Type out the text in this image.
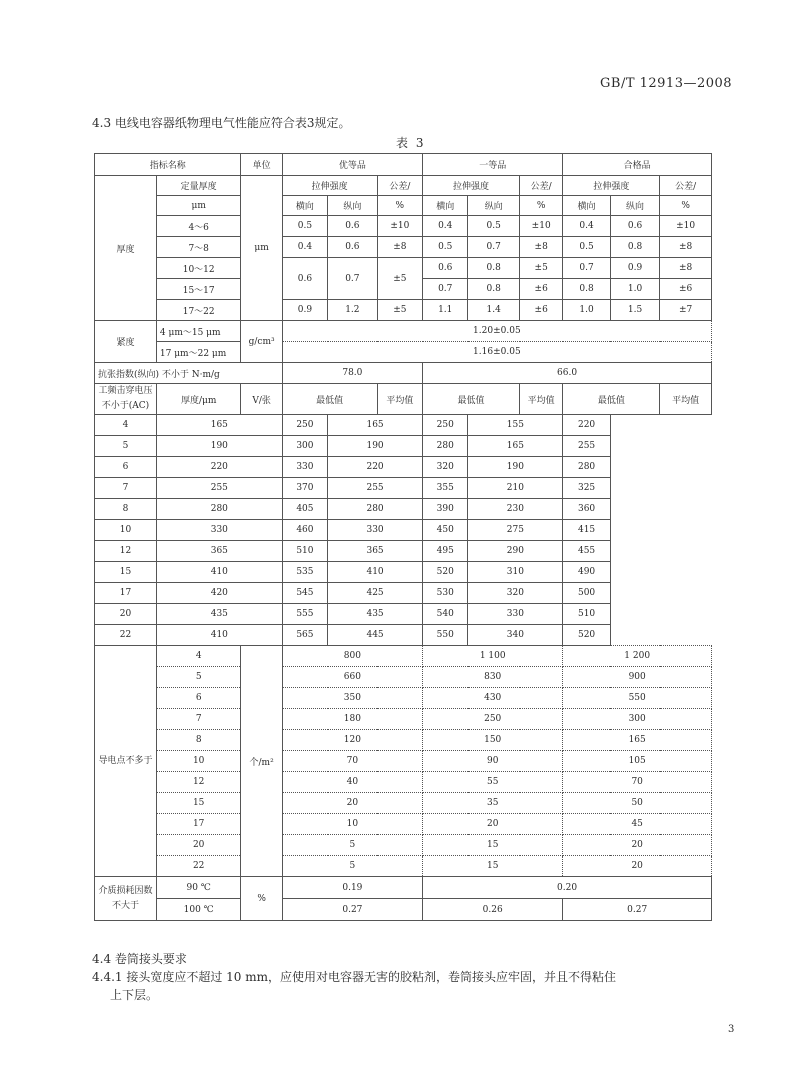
GB/T 12913—2008
4.3 电线电容器纸物理电气性能应符合表3规定。
表 3
指标名称		单位	优等品			一等品			合格品		
厚度	定量厚度	μm	拉伸强度		公差/	拉伸强度		公差/	拉伸强度		公差/
	μm		横向	纵向	%	横向	纵向	%	横向	纵向	%
	4～6		0.5	0.6	±10	0.4	0.5	±10	0.4	0.6	±10
	7～8		0.4	0.6	±8	0.5	0.7	±8	0.5	0.8	±8
	10～12		0.6	0.7	±5	0.6	0.8	±5	0.7	0.9	±8
	15～17					0.7	0.8	±6	0.8	1.0	±6
	17～22		0.9	1.2	±5	1.1	1.4	±6	1.0	1.5	±7
紧度	4 μm～15 μm	g/cm³	1.20±0.05								
	17 μm～22 μm		1.16±0.05								
抗张指数(纵向) 不小于 N·m/g			78.0			66.0					
工频击穿电压不小于(AC)	厚度/μm	V/张	最低值		平均值	最低值		平均值	最低值		平均值
4	165		250	165		250	155		220		
5	190		300	190		280	165		255		
6	220		330	220		320	190		280		
7	255		370	255		355	210		325		
8	280		405	280		390	230		360		
10	330		460	330		450	275		415		
12	365		510	365		495	290		455		
15	410		535	410		520	310		490		
17	420		545	425		530	320		500		
20	435		555	435		540	330		510		
22	410		565	445		550	340		520		
导电点不多于	4	个/m²	800			1 100			1 200		
	5		660			830			900		
	6		350			430			550		
	7		180			250			300		
	8		120			150			165		
	10		70			90			105		
	12		40			55			70		
	15		20			35			50		
	17		10			20			45		
	20		5			15			20		
	22		5			15			20		
介质损耗因数不大于	90 ℃	%	0.19			0.20					
	100 ℃		0.27			0.26			0.27		
4.4 卷筒接头要求
4.4.1 接头宽度应不超过 10 mm，应使用对电容器无害的胶粘剂，卷筒接头应牢固，并且不得粘住
上下层。
3
